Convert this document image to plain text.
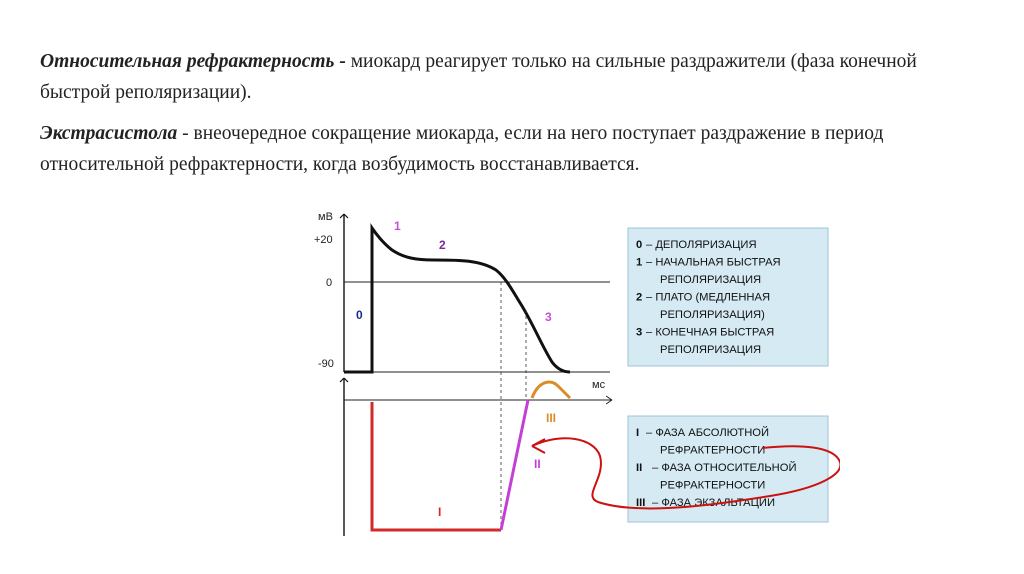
Относительная рефрактерность - миокард реагирует только на сильные раздражители (фаза конечной быстрой реполяризации).

Экстрасистола - внеочередное сокращение миокарда, если на него поступает раздражение в период относительной рефрактерности, когда возбудимость восстанавливается.

мВ
+20
0
-90
1
2
0	3
мс
I
II
III
0 – ДЕПОЛЯРИЗАЦИЯ
1 – НАЧАЛЬНАЯ БЫСТРАЯ
РЕПОЛЯРИЗАЦИЯ
2 – ПЛАТО (МЕДЛЕННАЯ
РЕПОЛЯРИЗАЦИЯ)
3 – КОНЕЧНАЯ БЫСТРАЯ
РЕПОЛЯРИЗАЦИЯ
I – ФАЗА АБСОЛЮТНОЙ
РЕФРАКТЕРНОСТИ
II – ФАЗА ОТНОСИТЕЛЬНОЙ
РЕФРАКТЕРНОСТИ
III – ФАЗА ЭКЗАЛЬТАЦИИ
